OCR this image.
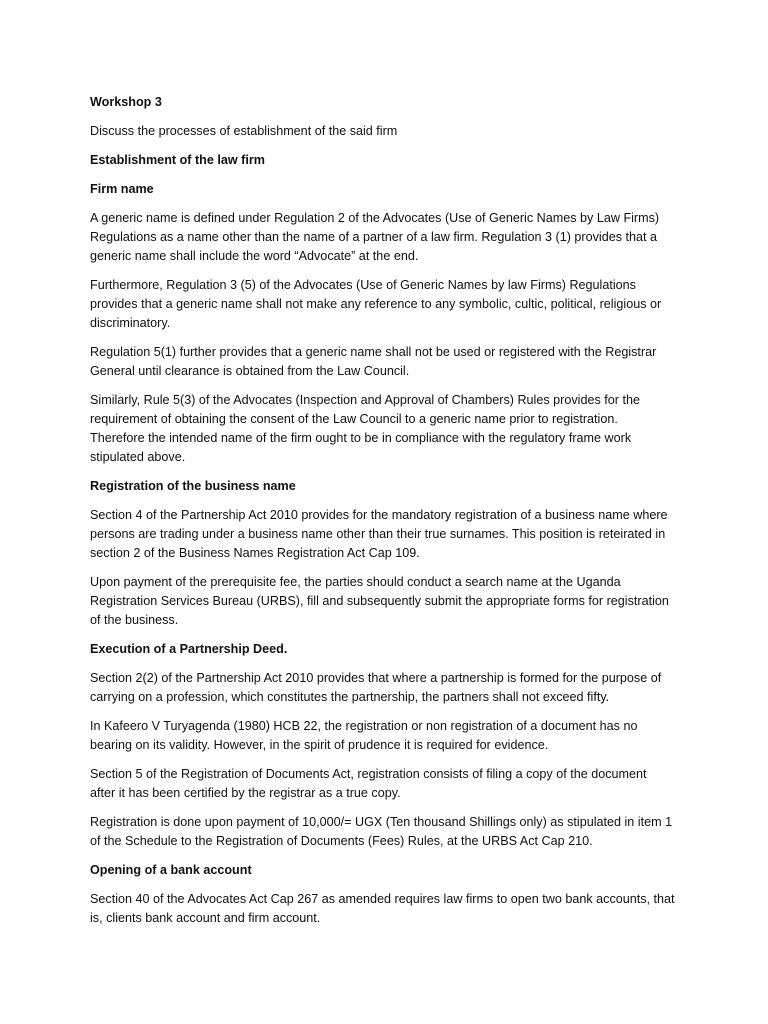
Workshop 3
Discuss the processes of establishment of the said firm
Establishment of the law firm
Firm name
A generic name is defined under Regulation 2 of the Advocates (Use of Generic Names by Law Firms)
Regulations as a name other than the name of a partner of a law firm. Regulation 3 (1) provides that a
generic name shall include the word “Advocate” at the end.
Furthermore, Regulation 3 (5) of the Advocates (Use of Generic Names by law Firms) Regulations
provides that a generic name shall not make any reference to any symbolic, cultic, political, religious or
discriminatory.
Regulation 5(1) further provides that a generic name shall not be used or registered with the Registrar
General until clearance is obtained from the Law Council.
Similarly, Rule 5(3) of the Advocates (Inspection and Approval of Chambers) Rules provides for the
requirement of obtaining the consent of the Law Council to a generic name prior to registration.
Therefore the intended name of the firm ought to be in compliance with the regulatory frame work
stipulated above.
Registration of the business name
Section 4 of the Partnership Act 2010 provides for the mandatory registration of a business name where
persons are trading under a business name other than their true surnames. This position is reteirated in
section 2 of the Business Names Registration Act Cap 109.
Upon payment of the prerequisite fee, the parties should conduct a search name at the Uganda
Registration Services Bureau (URBS), fill and subsequently submit the appropriate forms for registration
of the business.
Execution of a Partnership Deed.
Section 2(2) of the Partnership Act 2010 provides that where a partnership is formed for the purpose of
carrying on a profession, which constitutes the partnership, the partners shall not exceed fifty.
In Kafeero V Turyagenda (1980) HCB 22, the registration or non registration of a document has no
bearing on its validity. However, in the spirit of prudence it is required for evidence.
Section 5 of the Registration of Documents Act, registration consists of filing a copy of the document
after it has been certified by the registrar as a true copy.
Registration is done upon payment of 10,000/= UGX (Ten thousand Shillings only) as stipulated in item 1
of the Schedule to the Registration of Documents (Fees) Rules, at the URBS Act Cap 210.
Opening of a bank account
Section 40 of the Advocates Act Cap 267 as amended requires law firms to open two bank accounts, that
is, clients bank account and firm account.
